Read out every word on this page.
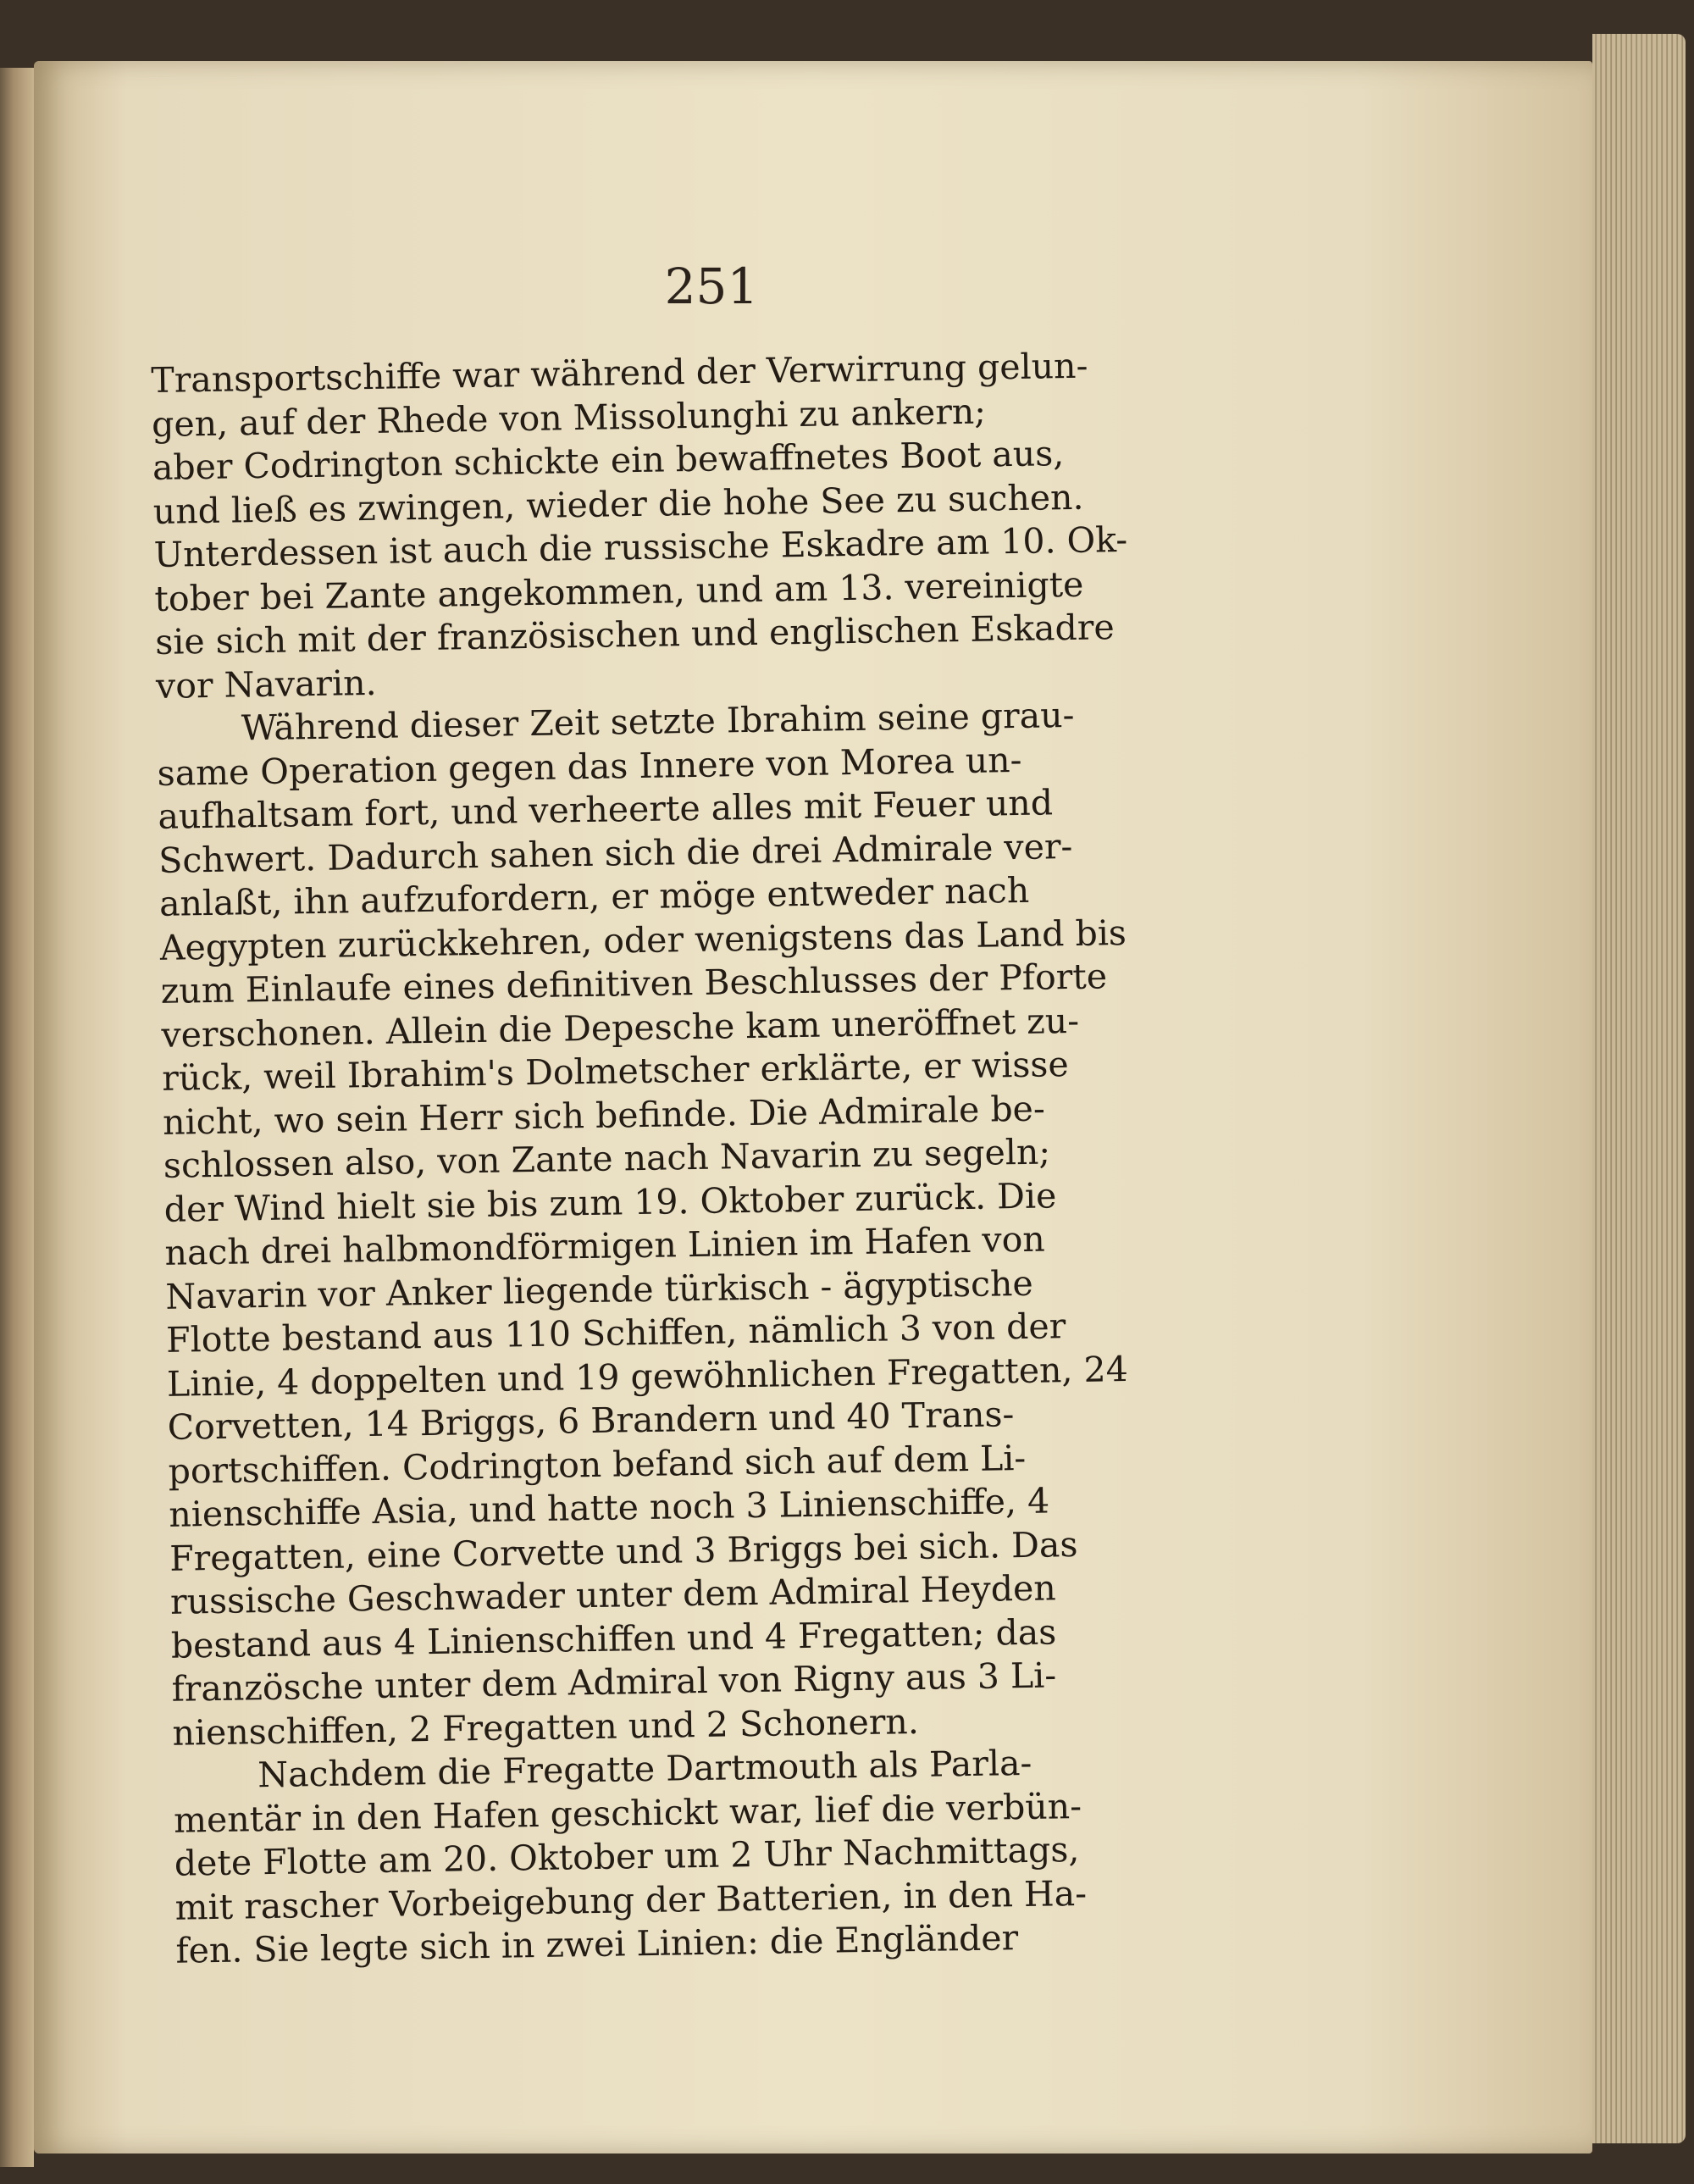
251
Transportschiffe war während der Verwirrung gelun-
gen, auf der Rhede von Missolunghi zu ankern;
aber Codrington schickte ein bewaffnetes Boot aus,
und ließ es zwingen, wieder die hohe See zu suchen.
Unterdessen ist auch die russische Eskadre am 10. Ok-
tober bei Zante angekommen, und am 13. vereinigte
sie sich mit der französischen und englischen Eskadre
vor Navarin.
Während dieser Zeit setzte Ibrahim seine grau-
same Operation gegen das Innere von Morea un-
aufhaltsam fort, und verheerte alles mit Feuer und
Schwert. Dadurch sahen sich die drei Admirale ver-
anlaßt, ihn aufzufordern, er möge entweder nach
Aegypten zurückkehren, oder wenigstens das Land bis
zum Einlaufe eines definitiven Beschlusses der Pforte
verschonen. Allein die Depesche kam uneröffnet zu-
rück, weil Ibrahim's Dolmetscher erklärte, er wisse
nicht, wo sein Herr sich befinde. Die Admirale be-
schlossen also, von Zante nach Navarin zu segeln;
der Wind hielt sie bis zum 19. Oktober zurück. Die
nach drei halbmondförmigen Linien im Hafen von
Navarin vor Anker liegende türkisch - ägyptische
Flotte bestand aus 110 Schiffen, nämlich 3 von der
Linie, 4 doppelten und 19 gewöhnlichen Fregatten, 24
Corvetten, 14 Briggs, 6 Brandern und 40 Trans-
portschiffen. Codrington befand sich auf dem Li-
nienschiffe Asia, und hatte noch 3 Linienschiffe, 4
Fregatten, eine Corvette und 3 Briggs bei sich. Das
russische Geschwader unter dem Admiral Heyden
bestand aus 4 Linienschiffen und 4 Fregatten; das
französche unter dem Admiral von Rigny aus 3 Li-
nienschiffen, 2 Fregatten und 2 Schonern.
Nachdem die Fregatte Dartmouth als Parla-
mentär in den Hafen geschickt war, lief die verbün-
dete Flotte am 20. Oktober um 2 Uhr Nachmittags,
mit rascher Vorbeigebung der Batterien, in den Ha-
fen. Sie legte sich in zwei Linien: die Engländer
